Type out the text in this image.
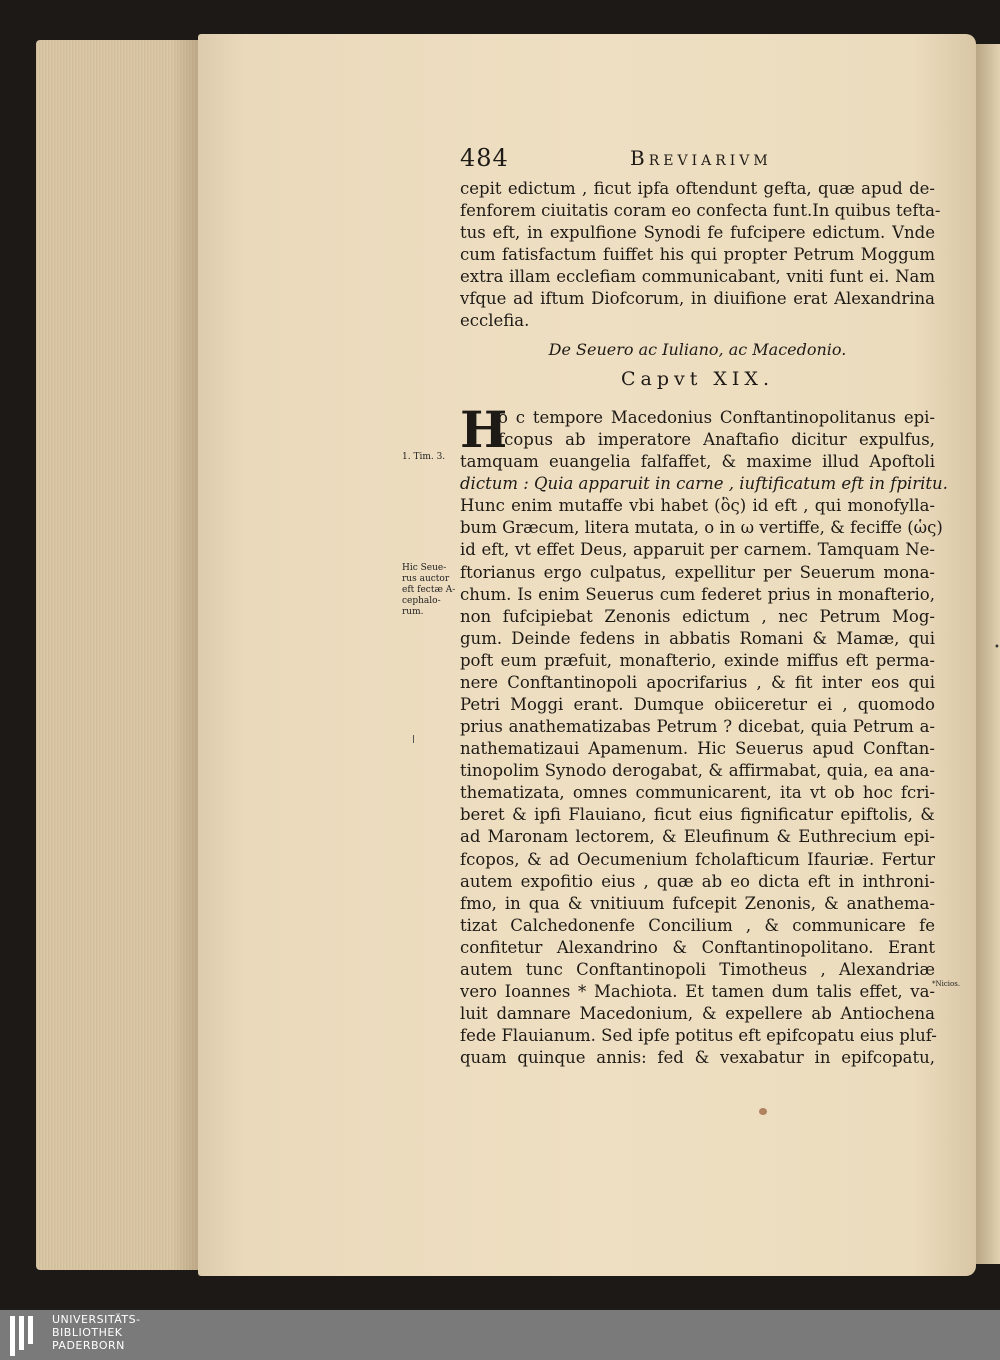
•
484	Breviarivm
cepit edictum , ficut ipfa oftendunt gefta, quæ apud de-
fenforem ciuitatis coram eo confecta funt.In quibus tefta-
tus eft, in expulfione Synodi fe fufcipere edictum. Vnde
cum fatisfactum fuiffet his qui propter Petrum Moggum
extra illam ecclefiam communicabant, vniti funt ei. Nam
vfque ad iftum Diofcorum, in diuifione erat Alexandrina
ecclefia.
De Seuero ac Iuliano, ac Macedonio.
Capvt XIX.
H
o c tempore Macedonius Conftantinopolitanus epi-
fcopus ab imperatore Anaftafio dicitur expulfus,
tamquam euangelia falfaffet, & maxime illud Apoftoli
dictum : Quia apparuit in carne , iuftificatum eft in fpiritu.
Hunc enim mutaffe vbi habet (ὃς) id eft , qui monofylla-
bum Græcum, litera mutata, o in ω vertiffe, & feciffe (ὡς)
id eft, vt effet Deus, apparuit per carnem. Tamquam Ne-
ftorianus ergo culpatus, expellitur per Seuerum mona-
chum. Is enim Seuerus cum federet prius in monafterio,
non fufcipiebat Zenonis edictum , nec Petrum Mog-
gum. Deinde fedens in abbatis Romani & Mamæ, qui
poft eum præfuit, monafterio, exinde miffus eft perma-
nere Conftantinopoli apocrifarius , & fit inter eos qui
Petri Moggi erant. Dumque obiiceretur ei , quomodo
prius anathematizabas Petrum ? dicebat, quia Petrum a-
nathematizaui Apamenum. Hic Seuerus apud Conftan-
tinopolim Synodo derogabat, & affirmabat, quia, ea ana-
thematizata, omnes communicarent, ita vt ob hoc fcri-
beret & ipfi Flauiano, ficut eius fignificatur epiftolis, &
ad Maronam lectorem, & Eleufinum & Euthrecium epi-
fcopos, & ad Oecumenium fcholafticum Ifauriæ. Fertur
autem expofitio eius , quæ ab eo dicta eft in inthroni-
fmo, in qua & vnitiuum fufcepit Zenonis, & anathema-
tizat Calchedonenfe Concilium , & communicare fe
confitetur Alexandrino & Conftantinopolitano. Erant
autem tunc Conftantinopoli Timotheus , Alexandriæ
vero Ioannes * Machiota. Et tamen dum talis effet, va-
luit damnare Macedonium, & expellere ab Antiochena
fede Flauianum. Sed ipfe potitus eft epifcopatu eius pluf-
quam quinque annis: fed & vexabatur in epifcopatu,
1. Tim. 3.
Hic Seue-
rus auctor
eft fectæ A-
cephalo-
rum.
*Nicios.
UNIVERSITÄTS-
BIBLIOTHEK
PADERBORN
